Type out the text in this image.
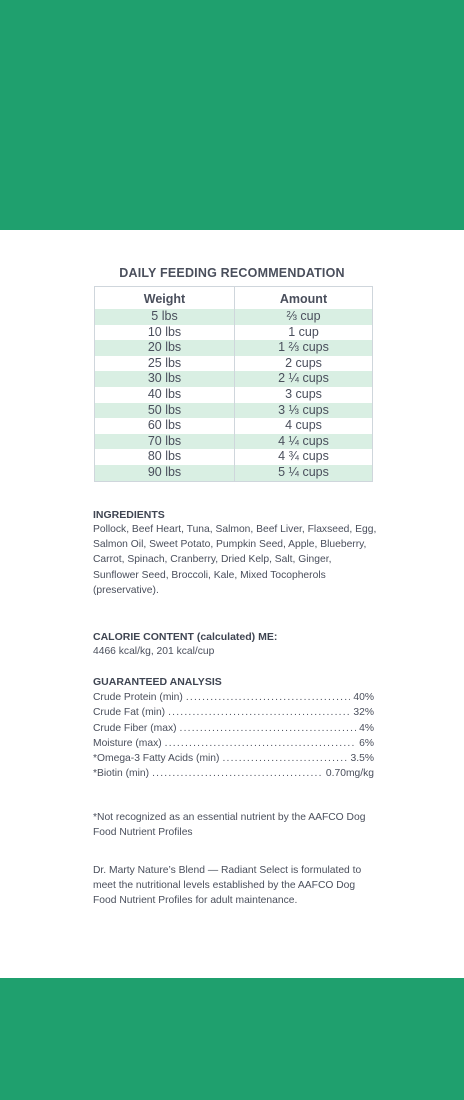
DAILY FEEDING RECOMMENDATION
Weight	Amount
5 lbs	⅔ cup
10 lbs	1 cup
20 lbs	1 ⅔ cups
25 lbs	2 cups
30 lbs	2 ¼ cups
40 lbs	3 cups
50 lbs	3 ⅓ cups
60 lbs	4 cups
70 lbs	4 ¼ cups
80 lbs	4 ¾ cups
90 lbs	5 ¼ cups
INGREDIENTS
Pollock, Beef Heart, Tuna, Salmon, Beef Liver, Flaxseed, Egg, Salmon Oil, Sweet Potato, Pumpkin Seed, Apple, Blueberry, Carrot, Spinach, Cranberry, Dried Kelp, Salt, Ginger, Sunflower Seed, Broccoli, Kale, Mixed Tocopherols (preservative).
CALORIE CONTENT (calculated) ME:
4466 kcal/kg, 201 kcal/cup
GUARANTEED ANALYSIS
Crude Protein (min) .....	40%
Crude Fat (min) .....	32%
Crude Fiber (max) .....	4%
Moisture (max) .....	6%
*Omega-3 Fatty Acids (min) .....	3.5%
*Biotin (min) .....	0.70mg/kg
*Not recognized as an essential nutrient by the AAFCO Dog Food Nutrient Profiles
Dr. Marty Nature’s Blend — Radiant Select is formulated to meet the nutritional levels established by the AAFCO Dog Food Nutrient Profiles for adult maintenance.
